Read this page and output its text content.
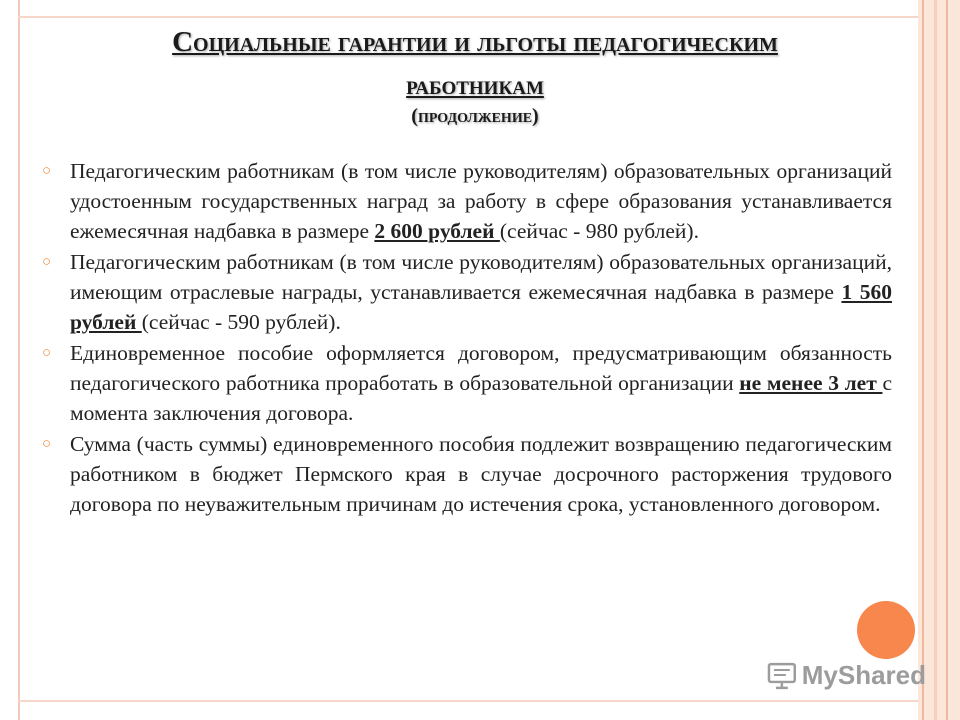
Социальные гарантии и льготы педагогическим
работникам
(продолжение)
○ Педагогическим работникам (в том числе руководителям) образовательных организаций удостоенным государственных наград за работу в сфере образования устанавливается ежемесячная надбавка в размере 2 600 рублей (сейчас - 980 рублей).
○ Педагогическим работникам (в том числе руководителям) образовательных организаций, имеющим отраслевые награды, устанавливается ежемесячная надбавка в размере 1 560 рублей (сейчас - 590 рублей).
○ Единовременное пособие оформляется договором, предусматривающим обязанность педагогического работника проработать в образовательной организации не менее 3 лет с момента заключения договора.
○ Сумма (часть суммы) единовременного пособия подлежит возвращению педагогическим работником в бюджет Пермского края в случае досрочного расторжения трудового договора по неуважительным причинам до истечения срока, установленного договором.
MyShared
